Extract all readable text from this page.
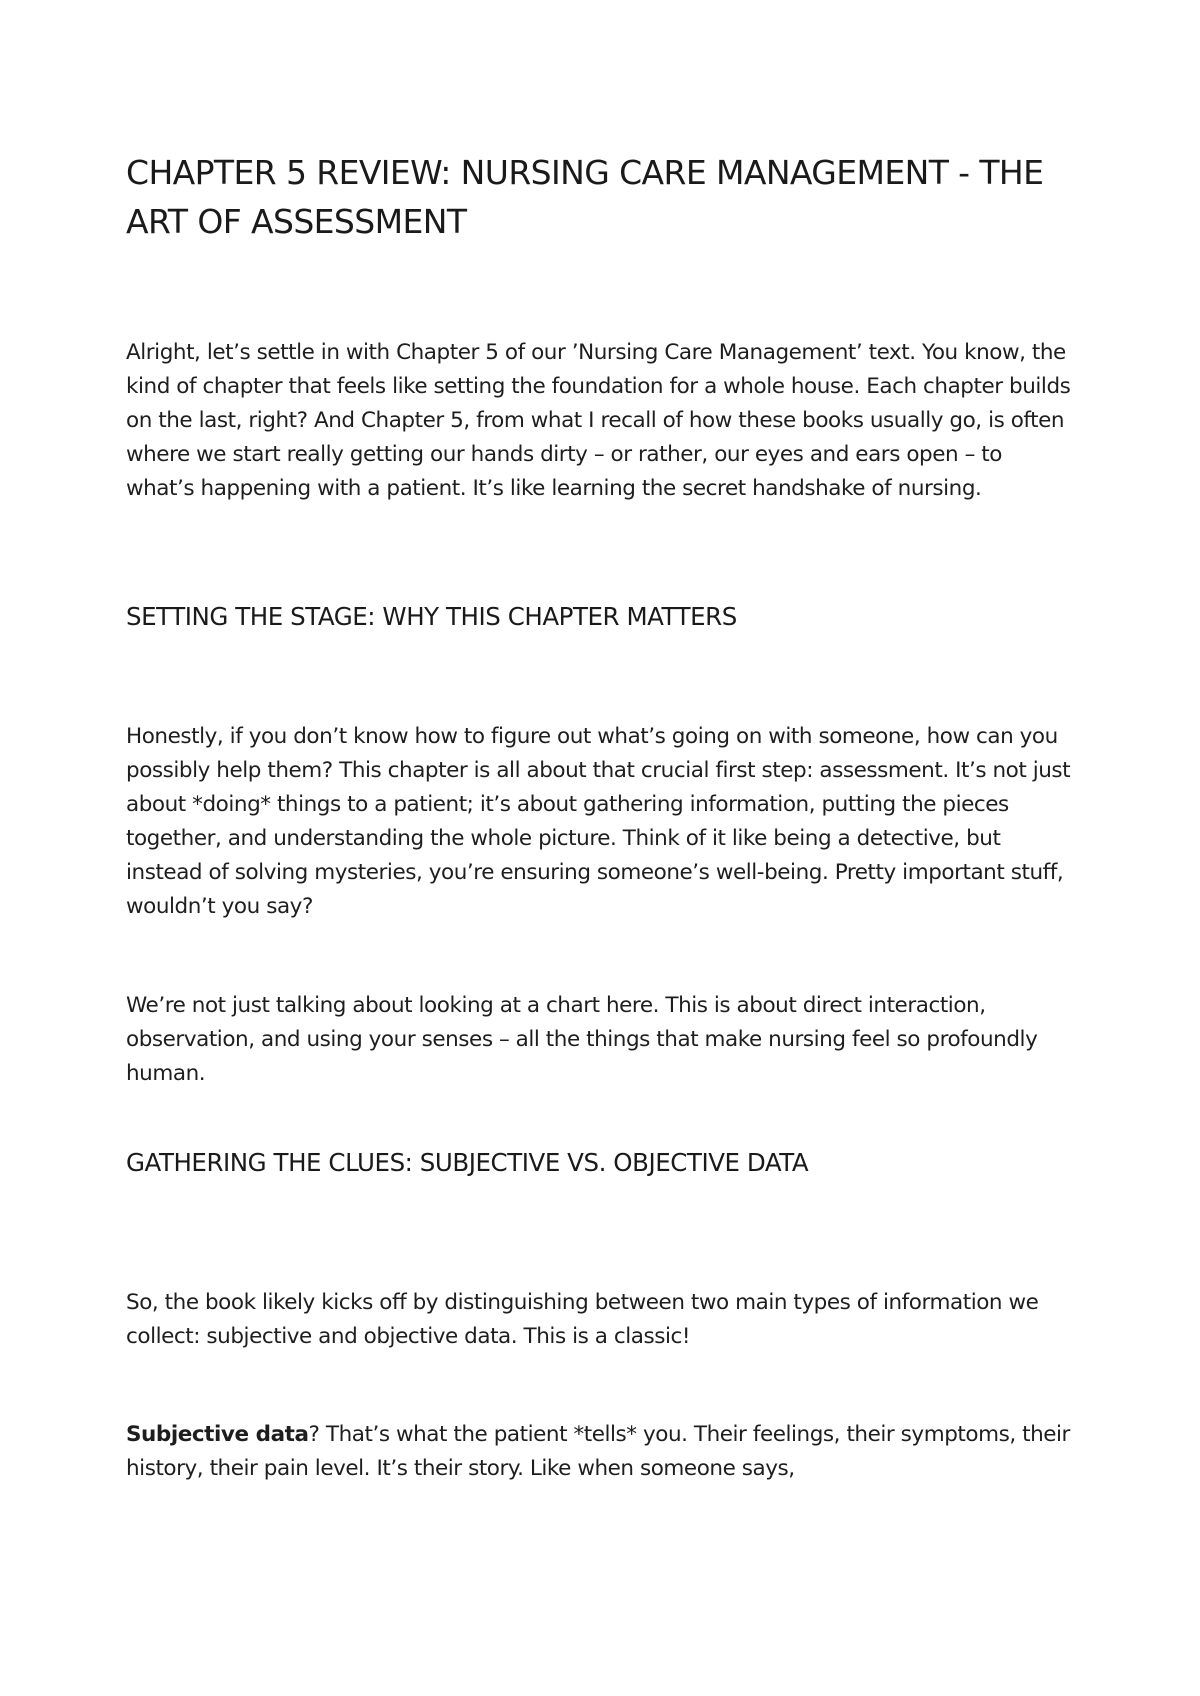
CHAPTER 5 REVIEW: NURSING CARE MANAGEMENT - THE ART OF ASSESSMENT

Alright, let’s settle in with Chapter 5 of our ’Nursing Care Management’ text. You know, the kind of chapter that feels like setting the foundation for a whole house. Each chapter builds on the last, right? And Chapter 5, from what I recall of how these books usually go, is often where we start really getting our hands dirty – or rather, our eyes and ears open – to what’s happening with a patient. It’s like learning the secret handshake of nursing.

SETTING THE STAGE: WHY THIS CHAPTER MATTERS

Honestly, if you don’t know how to figure out what’s going on with someone, how can you possibly help them? This chapter is all about that crucial first step: assessment. It’s not just about *doing* things to a patient; it’s about gathering information, putting the pieces together, and understanding the whole picture. Think of it like being a detective, but instead of solving mysteries, you’re ensuring someone’s well-being. Pretty important stuff, wouldn’t you say?

We’re not just talking about looking at a chart here. This is about direct interaction, observation, and using your senses – all the things that make nursing feel so profoundly human.

GATHERING THE CLUES: SUBJECTIVE VS. OBJECTIVE DATA

So, the book likely kicks off by distinguishing between two main types of information we collect: subjective and objective data. This is a classic!

Subjective data? That’s what the patient *tells* you. Their feelings, their symptoms, their history, their pain level. It’s their story. Like when someone says,
